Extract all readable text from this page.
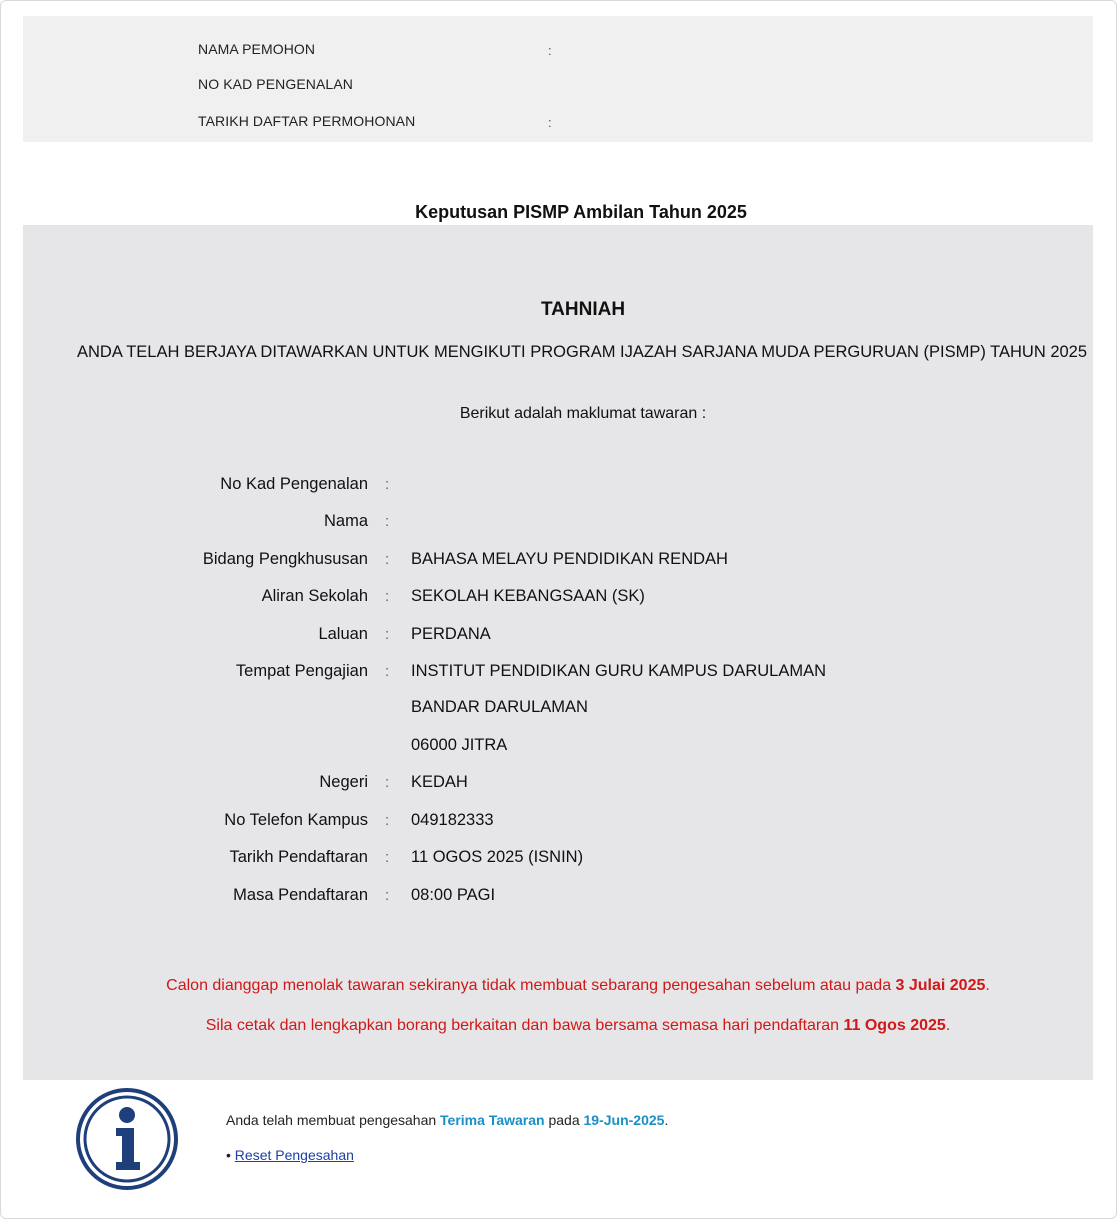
NAMA PEMOHON	:
NO KAD PENGENALAN
TARIKH DAFTAR PERMOHONAN	:
Keputusan PISMP Ambilan Tahun 2025
TAHNIAH
ANDA TELAH BERJAYA DITAWARKAN UNTUK MENGIKUTI PROGRAM IJAZAH SARJANA MUDA PERGURUAN (PISMP) TAHUN 2025
Berikut adalah maklumat tawaran :
No Kad Pengenalan :
Nama :
Bidang Pengkhususan : BAHASA MELAYU PENDIDIKAN RENDAH
Aliran Sekolah : SEKOLAH KEBANGSAAN (SK)
Laluan : PERDANA
Tempat Pengajian : INSTITUT PENDIDIKAN GURU KAMPUS DARULAMAN
BANDAR DARULAMAN
06000 JITRA
Negeri : KEDAH
No Telefon Kampus : 049182333
Tarikh Pendaftaran : 11 OGOS 2025 (ISNIN)
Masa Pendaftaran : 08:00 PAGI
Calon dianggap menolak tawaran sekiranya tidak membuat sebarang pengesahan sebelum atau pada 3 Julai 2025.
Sila cetak dan lengkapkan borang berkaitan dan bawa bersama semasa hari pendaftaran 11 Ogos 2025.
Anda telah membuat pengesahan Terima Tawaran pada 19-Jun-2025.
• Reset Pengesahan
